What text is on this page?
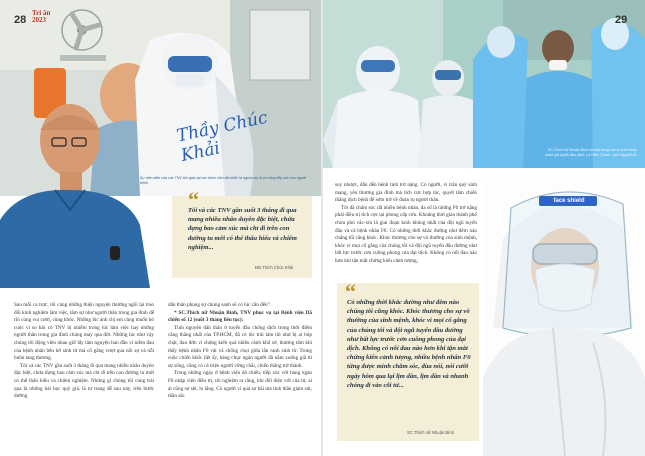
Thầy Chúc Khải
Sự hiện diện của các TNV tôn giáo tại các bệnh viện dã chiến là nguồn an ủi và cũng tiếp sức cho người bệnh
28
Tri ân
2023
“
Tôi và các TNV gần suốt 3 tháng đi qua mang nhiều nhân duyên đặc biệt, chứa đựng bao cảm xúc mà chỉ đi trên con đường tu mới có thể thấu hiểu và chiêm nghiệm...
ĐĐ.Thích Chúc Khải

Sau mỗi ca trực, tôi cùng những thiện nguyện thường ngồi lại trao đổi kinh nghiệm làm việc, tâm sự như người thân trong gia đình để rồi cùng vui cười, cùng khóc. Những lúc ánh chị em cùng muốn bỏ cuộc vì so khi có TNV bị nhiễm trong lúc làm việc hay những người thân trong gia đình chúng may qua đời. Những lúc như vậy chúng tôi động viên nhau giữ lấy tâm nguyện ban đầu vì niềm đau của bệnh nhân bên bờ sinh tử mà cố gắng vượt qua nỗi sợ và nỗi buồn tang thương.

Tôi và các TNV gần suốt 3 tháng đi qua mang nhiều nhân duyên đặc biệt, chứa đựng bao cảm xúc mà chỉ đi trên con đường tu mới có thể thấu hiểu và chiêm nghiệm. Những gì chúng tôi cùng trải qua là những bài học quý giá, là tư trang để sau này, trên bước đường

dấn thân phụng sự chúng sanh sẽ có lúc cần đến”.

* SC.Thích nữ Nhuận Bình, TNV phục vụ tại Bệnh viện Dã chiến số 12 (suốt 3 tháng liên tục):

Tình nguyện dấn thân ở tuyến đầu chống dịch trong thời điểm căng thẳng nhất của TP.HCM, đã có lúc trải tâm tôi như bị ai bóp chặt, đau đớn vì chứng kiến quá nhiều cảnh khổ sở, thương tâm khi thấy bệnh nhân F0 vật vã chống chọi giữa lằn ranh sinh tử. Trong cuộc chiến khốc liệt ấy, hàng chục ngàn người đã nằm xuống giã từ sự sống, cũng có cả triệu người vững chãi, chiến thắng trở thành.

Trong những ngày ở bệnh viện dã chiến, tiếp xúc với hàng ngàn F0 nhập viện điều trị, tôi nghiệm ra rằng, khi đối diện với của tử, ai ai cũng sợ sệt, lo lắng. Có người vì quá sợ hãi mà tinh thần giảm sút, thần sắc

SC.Thích nữ Nhuận Bình và một trong các tu sĩ trẻ khác tham gia tuyến đầu (ảnh: Lê Hiền Thanh - Anh Nguyễn B.
29

suy nhược, dẫn đến bệnh tình trở nặng. Có người, vì trân quý sinh mạng, yêu thương gia đình mà tích cực hợp tác, quyết tâm chiến thắng dịch bệnh để sớm trở về đoàn tụ người thân.

Tôi đã chăm sóc rất nhiều bệnh nhân, đa số là những F0 trở nặng phải điều trị tích cực tại phòng cấp cứu. Khoảng thời gian thành phố chưa phủ vắc-xin là giai đoạn kinh khủng nhất của đội ngũ tuyến đầu và cả bệnh nhân F0. Có những thời khắc đường như đêm nào chẳng tối căng khóc. Khóc thương cho sự vô thường của sinh mệnh, khóc vì mọi cố gắng của chúng tôi và đội ngũ tuyến đầu đường như bất lực trước cơn cuồng phong của đại dịch. Không có nỗi đau nào hơn khi tận mắt chứng kiến cảnh tượng,

face shield
“
Có những thời khắc đường như đêm nào chúng tôi cũng khóc. Khóc thương cho sự vô thường của sinh mệnh, khóc vì mọi cố gắng của chúng tôi và đội ngũ tuyến đầu đường như bất lực trước cơn cuồng phong của đại dịch. Không có nỗi đau nào hơn khi tận mắt chứng kiến cảnh tượng, nhiều bệnh nhân F0 từng được mình chăm sóc, đùa nói, nói cười ngày hôm qua lại lịm dần, lịm dần và nhanh chóng đi vào cõi tử...
SC.Thích nữ Nhuận Bình
